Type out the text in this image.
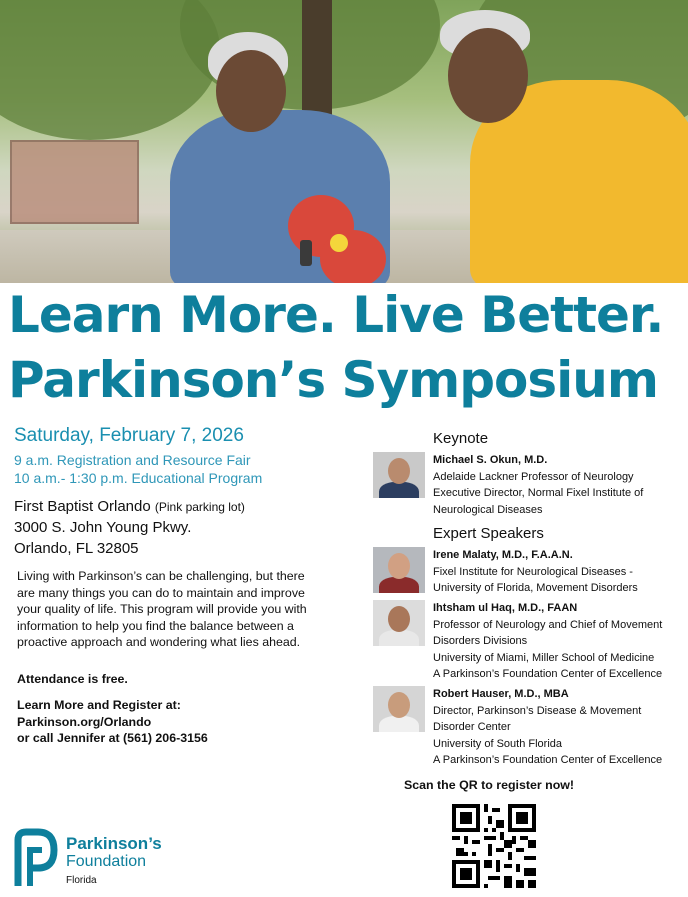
Learn More. Live Better.
Parkinson’s Symposium

Saturday, February 7, 2026

9 a.m. Registration and Resource Fair
10 a.m.- 1:30 p.m. Educational Program
First Baptist Orlando (Pink parking lot)
3000 S. John Young Pkwy.
Orlando, FL 32805
Living with Parkinson’s can be challenging, but there are many things you can do to maintain and improve your quality of life. This program will provide you with information to help you find the balance between a proactive approach and wondering what lies ahead.
Attendance is free.
Learn More and Register at:
Parkinson.org/Orlando
or call Jennifer at (561) 206-3156
Keynote
Michael S. Okun, M.D.
Adelaide Lackner Professor of Neurology
Executive Director, Normal Fixel Institute of
Neurological Diseases
Expert Speakers
Irene Malaty, M.D., F.A.A.N.
Fixel Institute for Neurological Diseases -
University of Florida, Movement Disorders
Ihtsham ul Haq, M.D., FAAN
Professor of Neurology and Chief of Movement
Disorders Divisions
University of Miami, Miller School of Medicine
A Parkinson’s Foundation Center of Excellence
Robert Hauser, M.D., MBA
Director, Parkinson’s Disease & Movement
Disorder Center
University of South Florida
A Parkinson’s Foundation Center of Excellence
Scan the QR to register now!
Parkinson’s
Foundation
Florida
